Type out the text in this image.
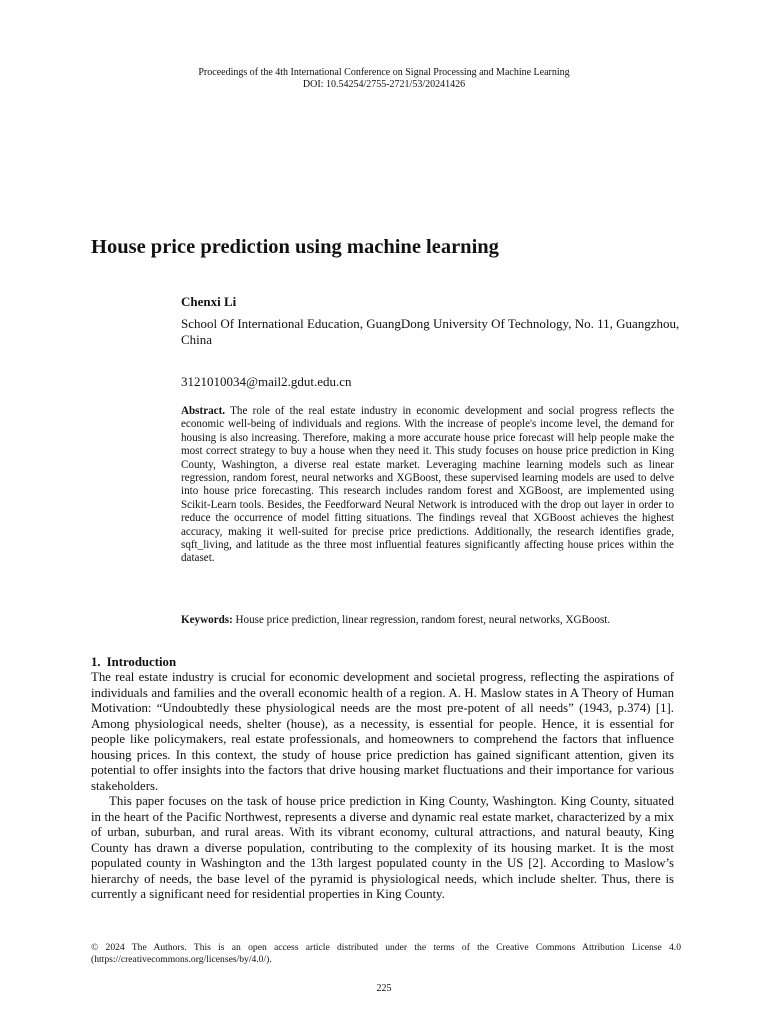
Proceedings of the 4th International Conference on Signal Processing and Machine Learning
DOI: 10.54254/2755-2721/53/20241426
House price prediction using machine learning
Chenxi Li
School Of International Education, GuangDong University Of Technology, No. 11, Guangzhou, China
3121010034@mail2.gdut.edu.cn
Abstract. The role of the real estate industry in economic development and social progress reflects the economic well-being of individuals and regions. With the increase of people's income level, the demand for housing is also increasing. Therefore, making a more accurate house price forecast will help people make the most correct strategy to buy a house when they need it. This study focuses on house price prediction in King County, Washington, a diverse real estate market. Leveraging machine learning models such as linear regression, random forest, neural networks and XGBoost, these supervised learning models are used to delve into house price forecasting. This research includes random forest and XGBoost, are implemented using Scikit-Learn tools. Besides, the Feedforward Neural Network is introduced with the drop out layer in order to reduce the occurrence of model fitting situations. The findings reveal that XGBoost achieves the highest accuracy, making it well-suited for precise price predictions. Additionally, the research identifies grade, sqft_living, and latitude as the three most influential features significantly affecting house prices within the dataset.
Keywords: House price prediction, linear regression, random forest, neural networks, XGBoost.
1. Introduction

The real estate industry is crucial for economic development and societal progress, reflecting the aspirations of individuals and families and the overall economic health of a region. A. H. Maslow states in A Theory of Human Motivation: “Undoubtedly these physiological needs are the most pre-potent of all needs” (1943, p.374) [1]. Among physiological needs, shelter (house), as a necessity, is essential for people. Hence, it is essential for people like policymakers, real estate professionals, and homeowners to comprehend the factors that influence housing prices. In this context, the study of house price prediction has gained significant attention, given its potential to offer insights into the factors that drive housing market fluctuations and their importance for various stakeholders.

This paper focuses on the task of house price prediction in King County, Washington. King County, situated in the heart of the Pacific Northwest, represents a diverse and dynamic real estate market, characterized by a mix of urban, suburban, and rural areas. With its vibrant economy, cultural attractions, and natural beauty, King County has drawn a diverse population, contributing to the complexity of its housing market. It is the most populated county in Washington and the 13th largest populated county in the US [2]. According to Maslow’s hierarchy of needs, the base level of the pyramid is physiological needs, which include shelter. Thus, there is currently a significant need for residential properties in King County.

© 2024 The Authors. This is an open access article distributed under the terms of the Creative Commons Attribution License 4.0 (https://creativecommons.org/licenses/by/4.0/).
225
